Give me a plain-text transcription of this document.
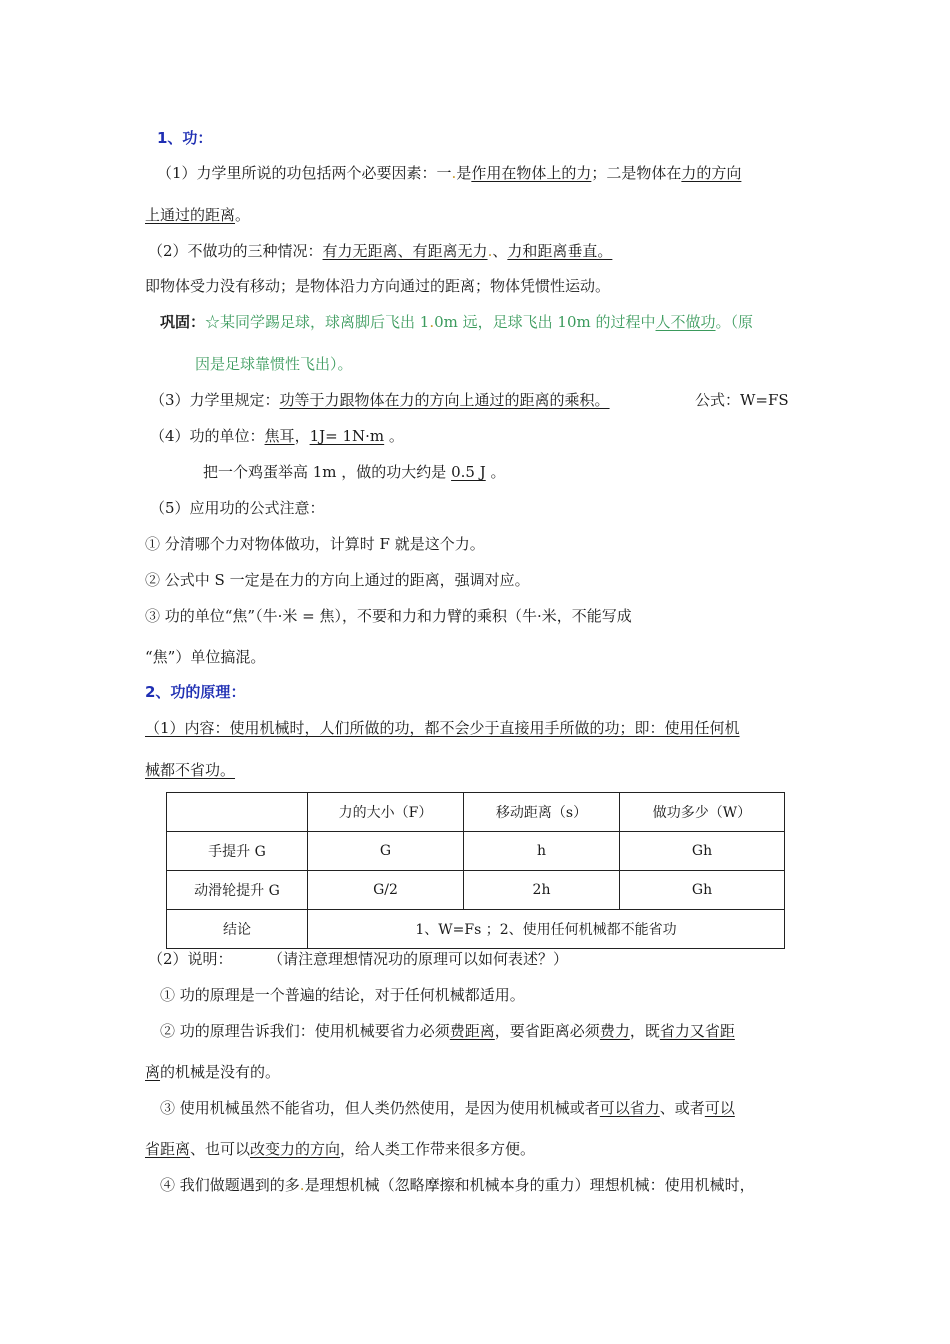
1、功：
（1）力学里所说的功包括两个必要因素：一.是作用在物体上的力；二是物体在力的方向
上通过的距离。
（2）不做功的三种情况：有力无距离、有距离无力.、力和距离垂直。
即物体受力没有移动；是物体沿力方向通过的距离；物体凭惯性运动。
巩固：☆某同学踢足球，球离脚后飞出 1.0m 远，足球飞出 10m 的过程中人不做功。（原
因是足球靠惯性飞出）。
（3）力学里规定：功等于力跟物体在力的方向上通过的距离的乘积。	公式：W=FS
（4）功的单位：焦耳，1J= 1N·m 。
把一个鸡蛋举高 1m ，做的功大约是 0.5 J 。
（5）应用功的公式注意：
① 分清哪个力对物体做功，计算时 F 就是这个力。
② 公式中 S 一定是在力的方向上通过的距离，强调对应。
③ 功的单位“焦”（牛·米 = 焦），不要和力和力臂的乘积（牛·米，不能写成
“焦”）单位搞混。
2、功的原理：
（1）内容：使用机械时，人们所做的功，都不会少于直接用手所做的功；即：使用任何机
械都不省功。
	力的大小（F）	移动距离（s）	做功多少（W）
手提升 G	G	h	Gh
动滑轮提升 G	G/2	2h	Gh
结论	1、W=Fs ；2、使用任何机械都不能省功		
（2）说明： （请注意理想情况功的原理可以如何表述？）
① 功的原理是一个普遍的结论，对于任何机械都适用。
② 功的原理告诉我们：使用机械要省力必须费距离，要省距离必须费力，既省力又省距
离的机械是没有的。
③ 使用机械虽然不能省功，但人类仍然使用，是因为使用机械或者可以省力、或者可以
省距离、也可以改变力的方向，给人类工作带来很多方便。
④ 我们做题遇到的多.是理想机械（忽略摩擦和机械本身的重力）理想机械：使用机械时，
